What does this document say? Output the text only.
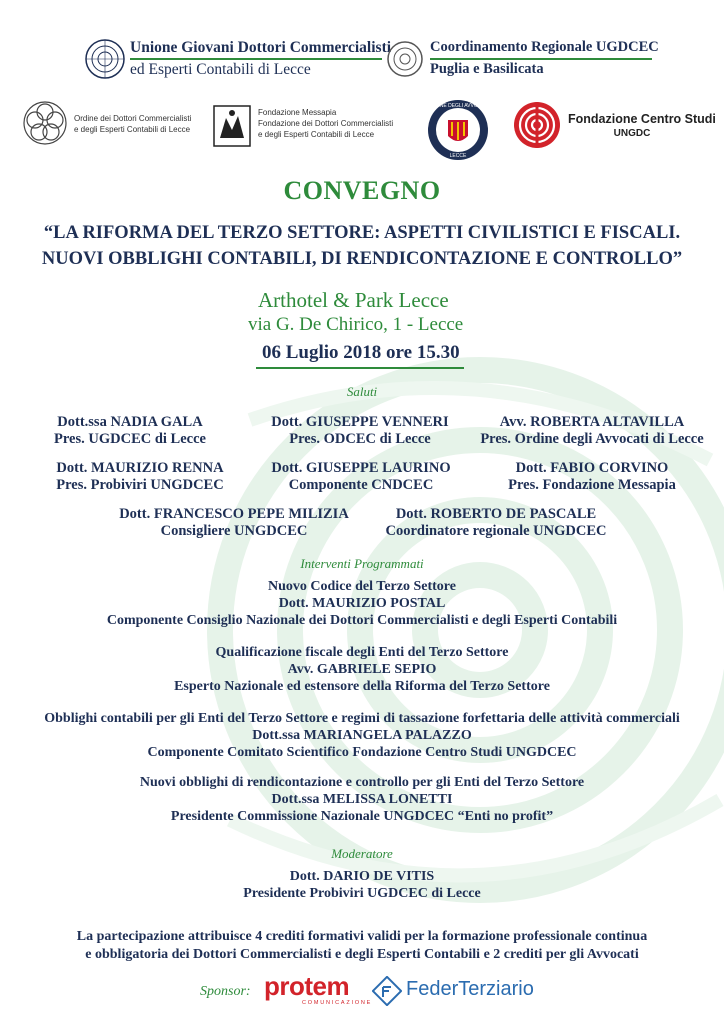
Unione Giovani Dottori Commercialisti
ed Esperti Contabili di Lecce
Coordinamento Regionale UGDCEC
Puglia e Basilicata
Ordine dei Dottori Commercialisti
e degli Esperti Contabili di Lecce
Fondazione Messapia
Fondazione dei Dottori Commercialisti
e degli Esperti Contabili di Lecce
ORDINE DEGLI AVVOCATI
LECCE
Fondazione Centro Studi
UNGDC
CONVEGNO
“LA RIFORMA DEL TERZO SETTORE: ASPETTI CIVILISTICI E FISCALI.
NUOVI OBBLIGHI CONTABILI, DI RENDICONTAZIONE E CONTROLLO”
Arthotel & Park Lecce
via G. De Chirico, 1 - Lecce
06 Luglio 2018 ore 15.30
Saluti
Dott.ssa NADIA GALA
Pres. UGDCEC di Lecce
Dott. GIUSEPPE VENNERI
Pres. ODCEC di Lecce
Avv. ROBERTA ALTAVILLA
Pres. Ordine degli Avvocati di Lecce
Dott. MAURIZIO RENNA
Pres. Probiviri UNGDCEC
Dott. GIUSEPPE LAURINO
Componente CNDCEC
Dott. FABIO CORVINO
Pres. Fondazione Messapia
Dott. FRANCESCO PEPE MILIZIA
Consigliere UNGDCEC
Dott. ROBERTO DE PASCALE
Coordinatore regionale UNGDCEC
Interventi Programmati
Nuovo Codice del Terzo Settore
Dott. MAURIZIO POSTAL
Componente Consiglio Nazionale dei Dottori Commercialisti e degli Esperti Contabili
Qualificazione fiscale degli Enti del Terzo Settore
Avv. GABRIELE SEPIO
Esperto Nazionale ed estensore della Riforma del Terzo Settore
Obblighi contabili per gli Enti del Terzo Settore e regimi di tassazione forfettaria delle attività commerciali
Dott.ssa MARIANGELA PALAZZO
Componente Comitato Scientifico Fondazione Centro Studi UNGDCEC
Nuovi obblighi di rendicontazione e controllo per gli Enti del Terzo Settore
Dott.ssa MELISSA LONETTI
Presidente Commissione Nazionale UNGDCEC “Enti no profit”
Moderatore
Dott. DARIO DE VITIS
Presidente Probiviri UGDCEC di Lecce
La partecipazione attribuisce 4 crediti formativi validi per la formazione professionale continua
e obbligatoria dei Dottori Commercialisti e degli Esperti Contabili e 2 crediti per gli Avvocati
Sponsor: protem
COMUNICAZIONE
FederTerziario
